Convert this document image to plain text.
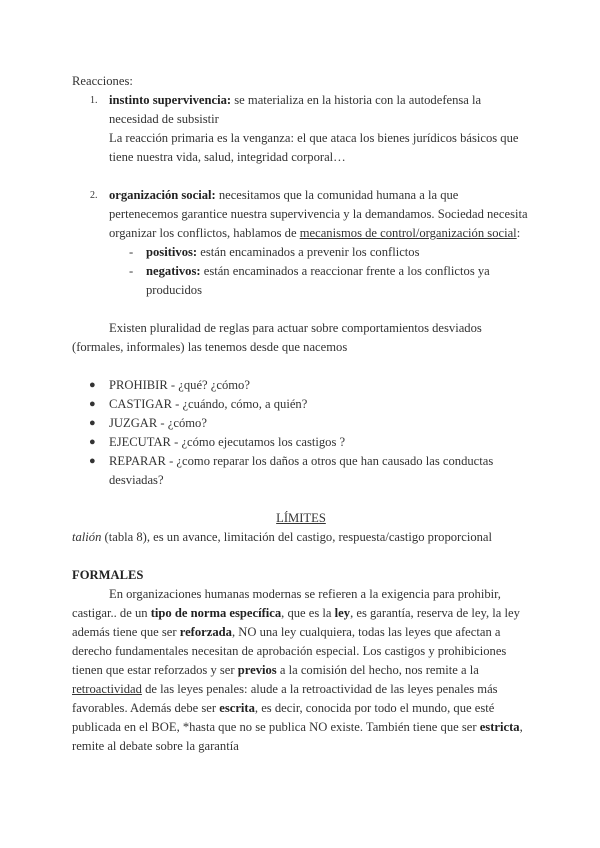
Reacciones:

1. instinto supervivencia: se materializa en la historia con la autodefensa la necesidad de subsistir

La reacción primaria es la venganza: el que ataca los bienes jurídicos básicos que tiene nuestra vida, salud, integridad corporal…

2. organización social: necesitamos que la comunidad humana a la que pertenecemos garantice nuestra supervivencia y la demandamos. Sociedad necesita organizar los conflictos, hablamos de mecanismos de control/organización social:

- positivos: están encaminados a prevenir los conflictos
- negativos: están encaminados a reaccionar frente a los conflictos ya producidos

Existen pluralidad de reglas para actuar sobre comportamientos desviados (formales, informales) las tenemos desde que nacemos

● PROHIBIR - ¿qué? ¿cómo?
● CASTIGAR - ¿cuándo, cómo, a quién?
● JUZGAR - ¿cómo?
● EJECUTAR - ¿cómo ejecutamos los castigos ?
● REPARAR - ¿como reparar los daños a otros que han causado las conductas desviadas?

LÍMITES

talión (tabla 8), es un avance, limitación del castigo, respuesta/castigo proporcional

FORMALES

En organizaciones humanas modernas se refieren a la exigencia para prohibir, castigar.. de un tipo de norma específica, que es la ley, es garantía, reserva de ley, la ley además tiene que ser reforzada, NO una ley cualquiera, todas las leyes que afectan a derecho fundamentales necesitan de aprobación especial. Los castigos y prohibiciones tienen que estar reforzados y ser previos a la comisión del hecho, nos remite a la retroactividad de las leyes penales: alude a la retroactividad de las leyes penales más favorables. Además debe ser escrita, es decir, conocida por todo el mundo, que esté publicada en el BOE, *hasta que no se publica NO existe. También tiene que ser estricta, remite al debate sobre la garantía
